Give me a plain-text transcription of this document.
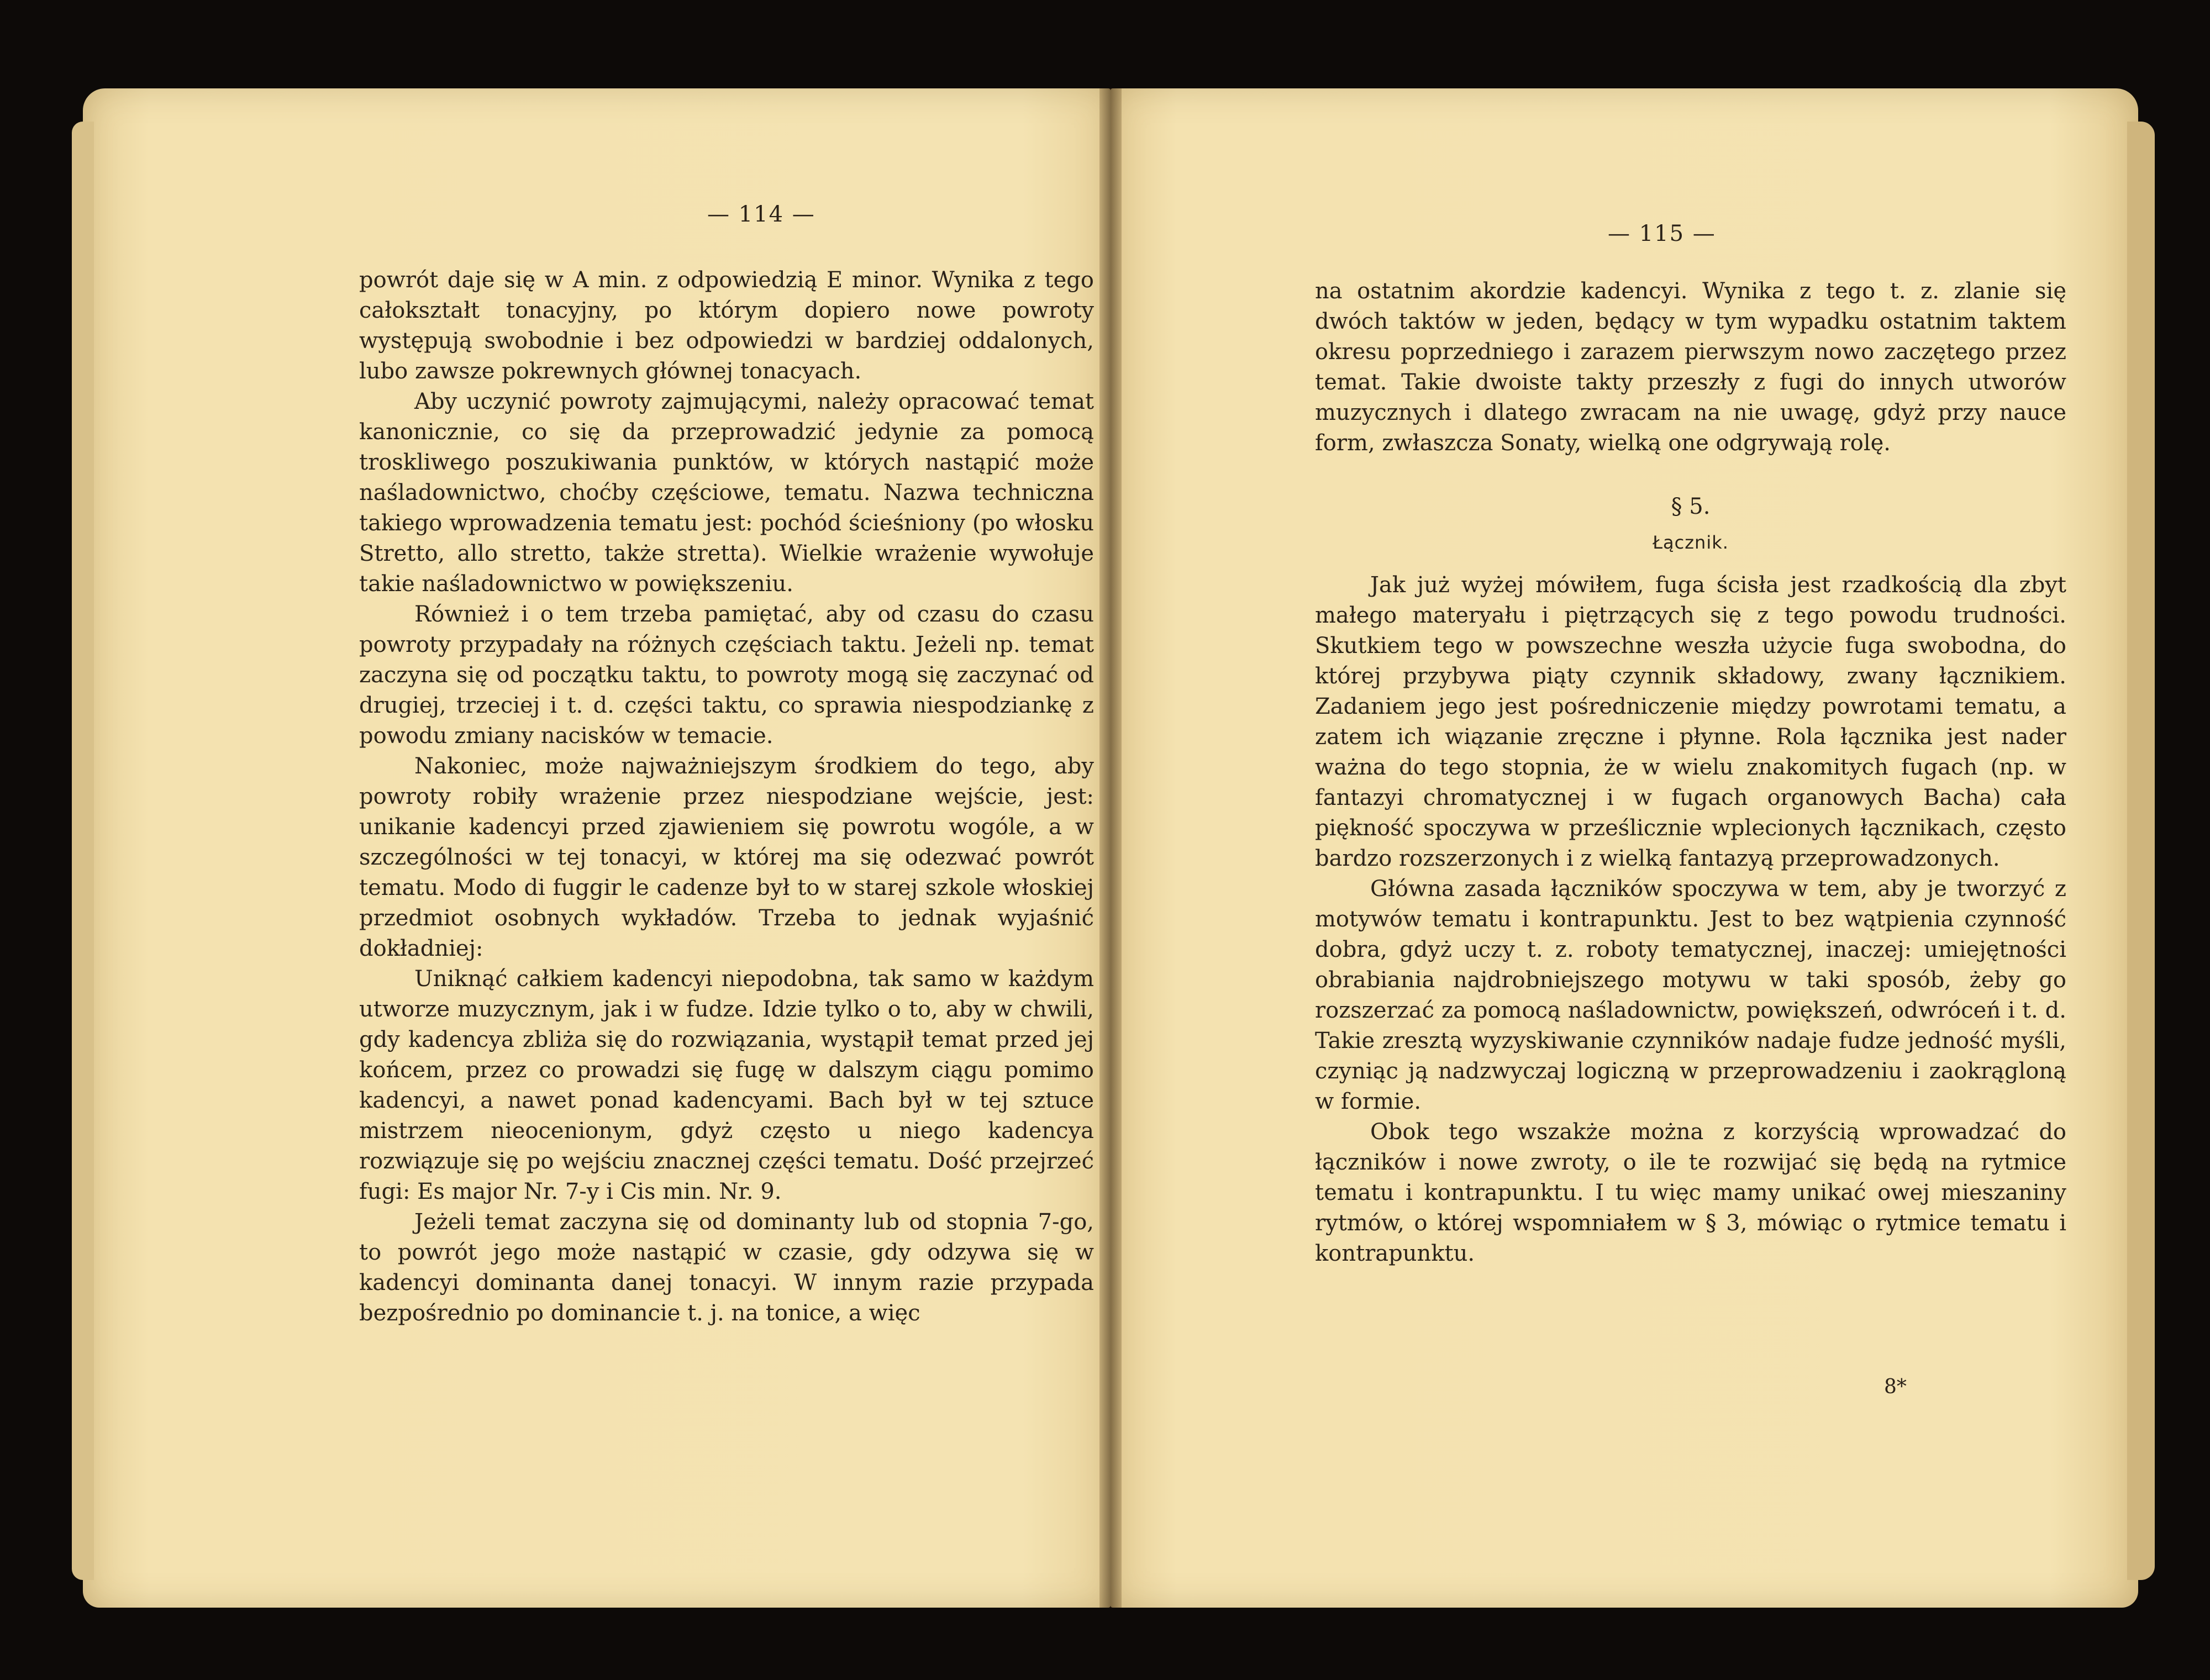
— 114 —

powrót daje się w A min. z odpowiedzią E minor. Wynika z tego całokształt tonacyjny, po którym dopiero nowe powroty występują swobodnie i bez odpowiedzi w bardziej oddalonych, lubo zawsze pokrewnych głównej tonacyach.

Aby uczynić powroty zajmującymi, należy opracować temat kanonicznie, co się da przeprowadzić jedynie za pomocą troskliwego poszukiwania punktów, w których nastąpić może naśladownictwo, choćby częściowe, tematu. Nazwa techniczna takiego wprowadzenia tematu jest: pochód ścieśniony (po włosku Stretto, allo stretto, także stretta). Wielkie wrażenie wywołuje takie naśladownictwo w powiększeniu.

Również i o tem trzeba pamiętać, aby od czasu do czasu powroty przypadały na różnych częściach taktu. Jeżeli np. temat zaczyna się od początku taktu, to powroty mogą się zaczynać od drugiej, trzeciej i t. d. części taktu, co sprawia niespodziankę z powodu zmiany nacisków w temacie.

Nakoniec, może najważniejszym środkiem do tego, aby powroty robiły wrażenie przez niespodziane wejście, jest: unikanie kadencyi przed zjawieniem się powrotu wogóle, a w szczególności w tej tonacyi, w której ma się odezwać powrót tematu. Modo di fuggir le cadenze był to w starej szkole włoskiej przedmiot osobnych wykładów. Trzeba to jednak wyjaśnić dokładniej:

Uniknąć całkiem kadencyi niepodobna, tak samo w każdym utworze muzycznym, jak i w fudze. Idzie tylko o to, aby w chwili, gdy kadencya zbliża się do rozwiązania, wystąpił temat przed jej końcem, przez co prowadzi się fugę w dalszym ciągu pomimo kadencyi, a nawet ponad kadencyami. Bach był w tej sztuce mistrzem nieocenionym, gdyż często u niego kadencya rozwiązuje się po wejściu znacznej części tematu. Dość przejrzeć fugi: Es major Nr. 7-y i Cis min. Nr. 9.

Jeżeli temat zaczyna się od dominanty lub od stopnia 7-go, to powrót jego może nastąpić w czasie, gdy odzywa się w kadencyi dominanta danej tonacyi. W innym razie przypada bezpośrednio po dominancie t. j. na tonice, a więc

— 115 —

na ostatnim akordzie kadencyi. Wynika z tego t. z. zlanie się dwóch taktów w jeden, będący w tym wypadku ostatnim taktem okresu poprzedniego i zarazem pierwszym nowo zaczętego przez temat. Takie dwoiste takty przeszły z fugi do innych utworów muzycznych i dlatego zwracam na nie uwagę, gdyż przy nauce form, zwłaszcza Sonaty, wielką one odgrywają rolę.

§ 5.
Łącznik.

Jak już wyżej mówiłem, fuga ścisła jest rzadkością dla zbyt małego materyału i piętrzących się z tego powodu trudności. Skutkiem tego w powszechne weszła użycie fuga swobodna, do której przybywa piąty czynnik składowy, zwany łącznikiem. Zadaniem jego jest pośredniczenie między powrotami tematu, a zatem ich wiązanie zręczne i płynne. Rola łącznika jest nader ważna do tego stopnia, że w wielu znakomitych fugach (np. w fantazyi chromatycznej i w fugach organowych Bacha) cała piękność spoczywa w prześlicznie wplecionych łącznikach, często bardzo rozszerzonych i z wielką fantazyą przeprowadzonych.

Główna zasada łączników spoczywa w tem, aby je tworzyć z motywów tematu i kontrapunktu. Jest to bez wątpienia czynność dobra, gdyż uczy t. z. roboty tematycznej, inaczej: umiejętności obrabiania najdrobniejszego motywu w taki sposób, żeby go rozszerzać za pomocą naśladownictw, powiększeń, odwróceń i t. d. Takie zresztą wyzyskiwanie czynników nadaje fudze jedność myśli, czyniąc ją nadzwyczaj logiczną w przeprowadzeniu i zaokrągloną w formie.

Obok tego wszakże można z korzyścią wprowadzać do łączników i nowe zwroty, o ile te rozwijać się będą na rytmice tematu i kontrapunktu. I tu więc mamy unikać owej mieszaniny rytmów, o której wspomniałem w § 3, mówiąc o rytmice tematu i kontrapunktu.

8*
